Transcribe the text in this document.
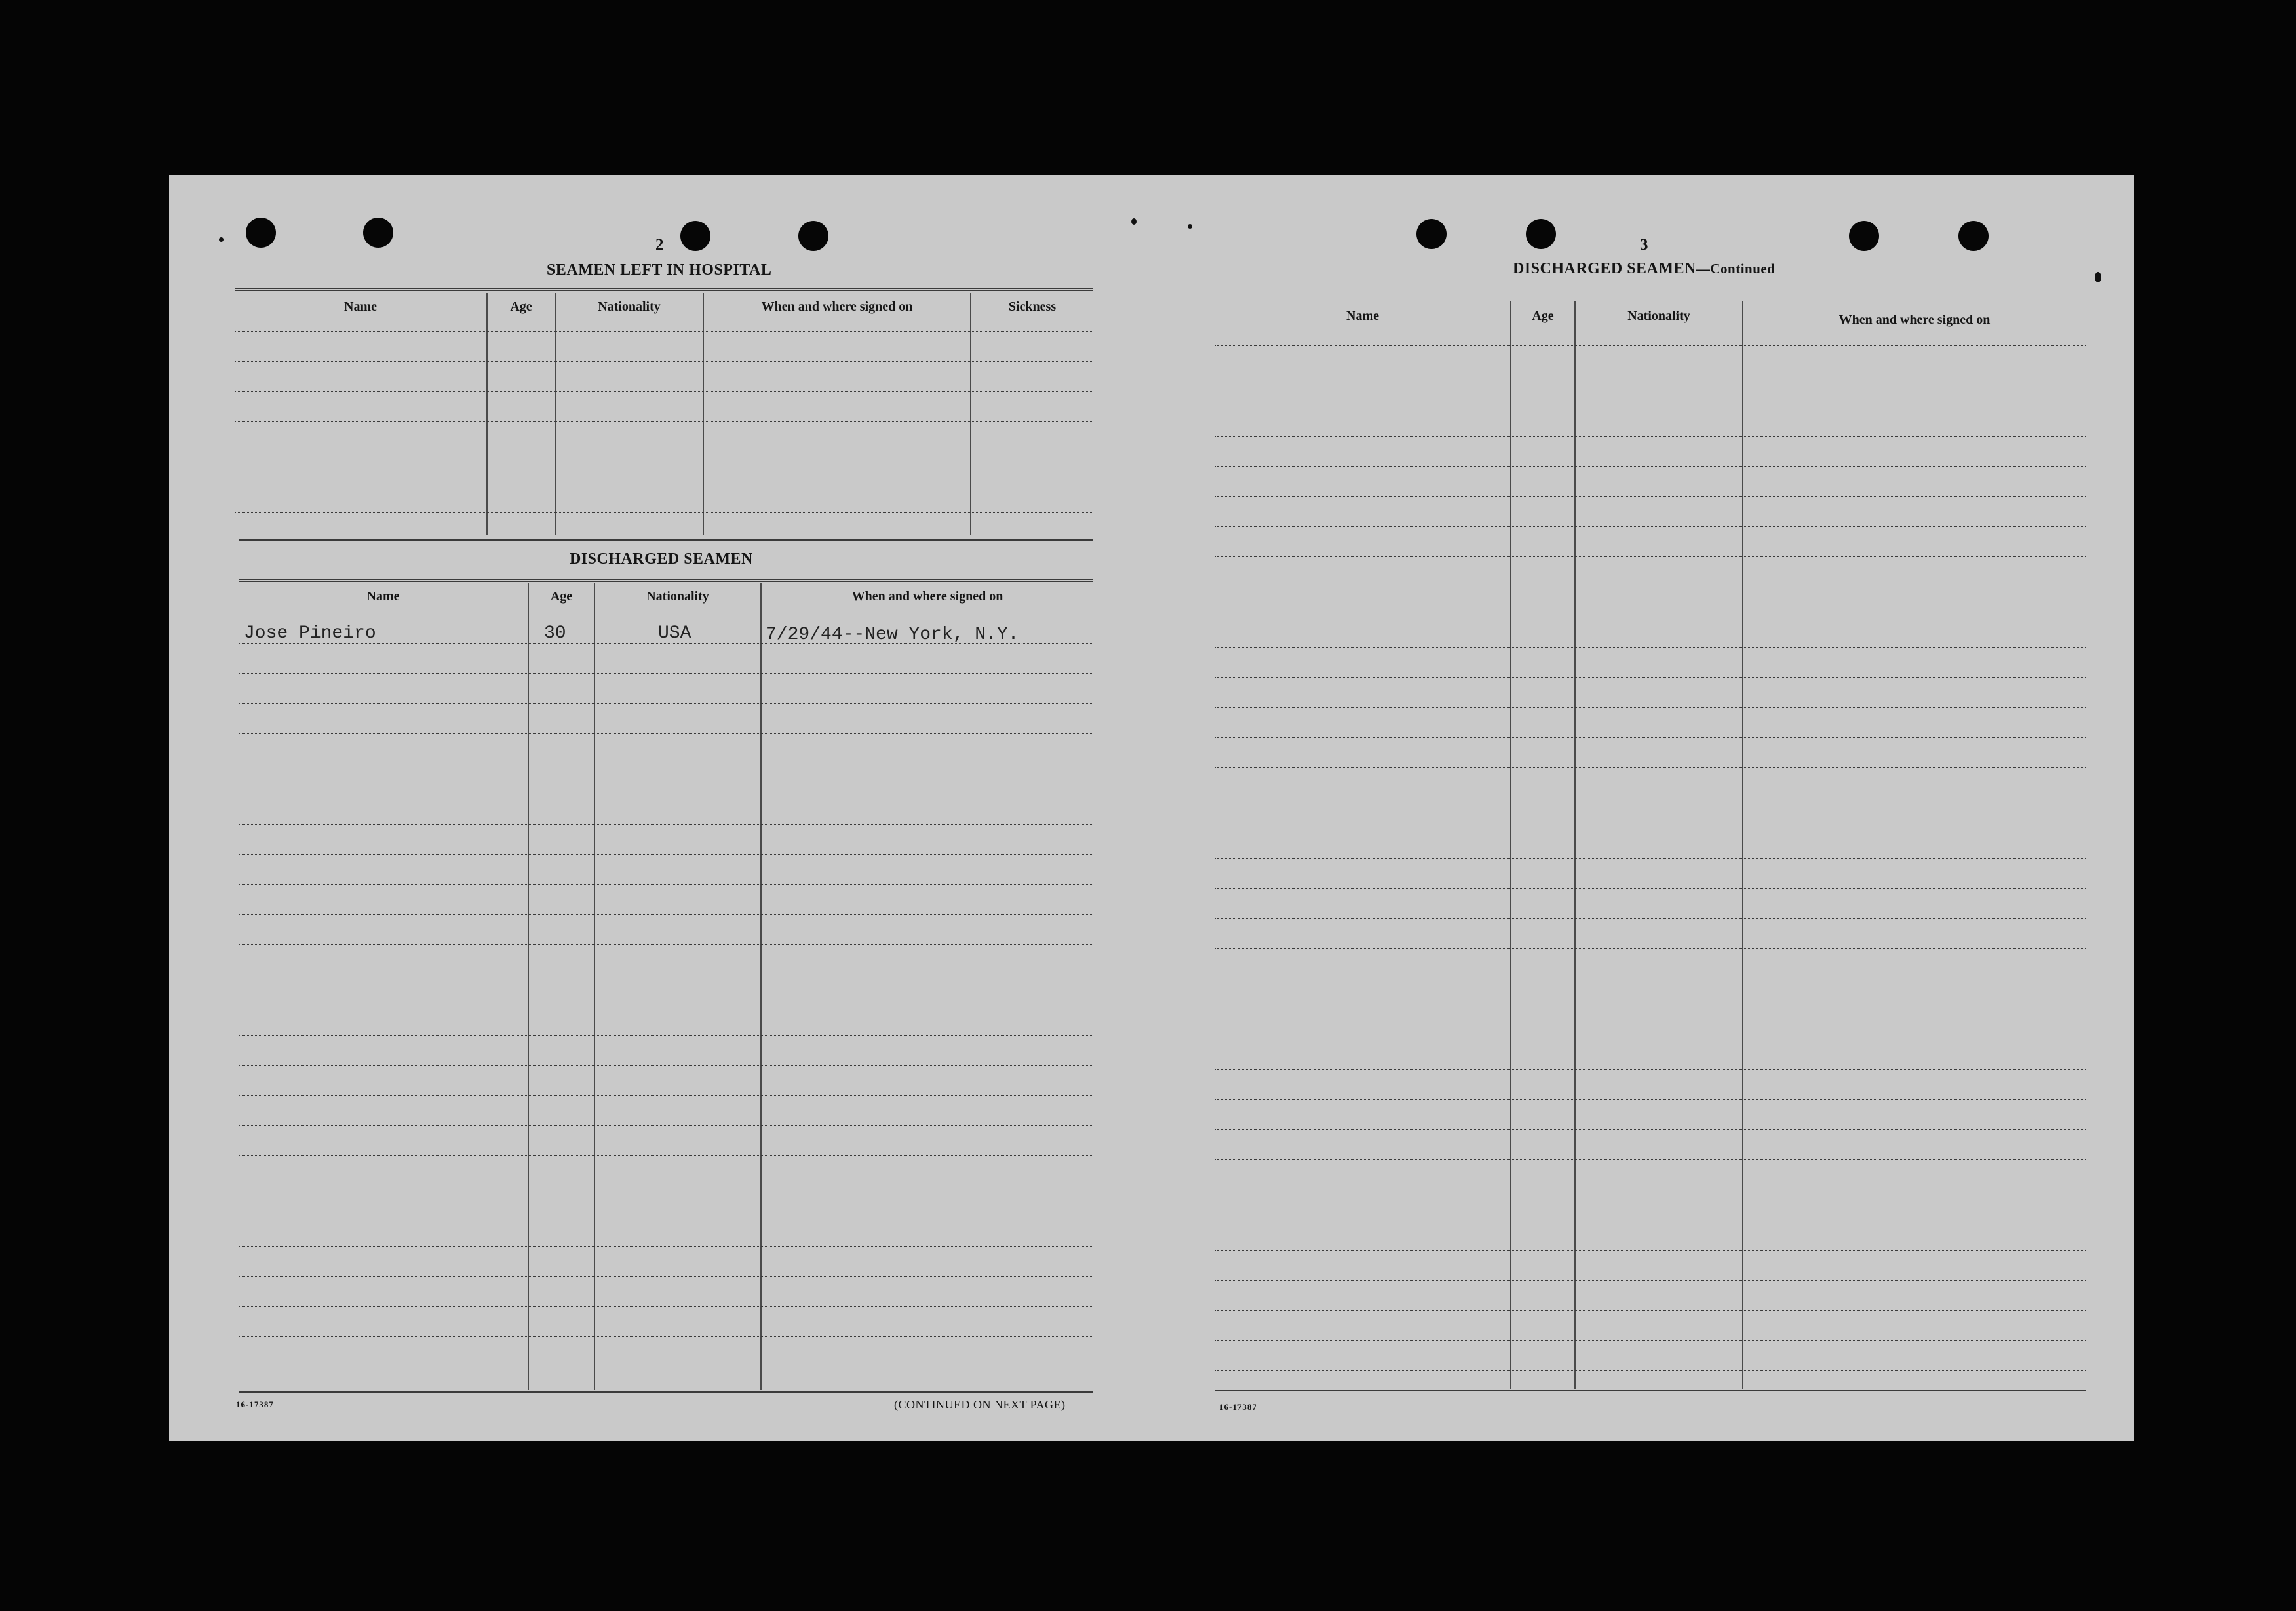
2
SEAMEN LEFT IN HOSPITAL
Name	Age	Nationality	When and where signed on	Sickness
DISCHARGED SEAMEN
Name	Age	Nationality	When and where signed on
Jose Pineiro	30	USA	7/29/44--New York, N.Y.
16-17387	(CONTINUED ON NEXT PAGE)
3
DISCHARGED SEAMEN—Continued
Name	Age	Nationality	When and where signed on
16-17387
